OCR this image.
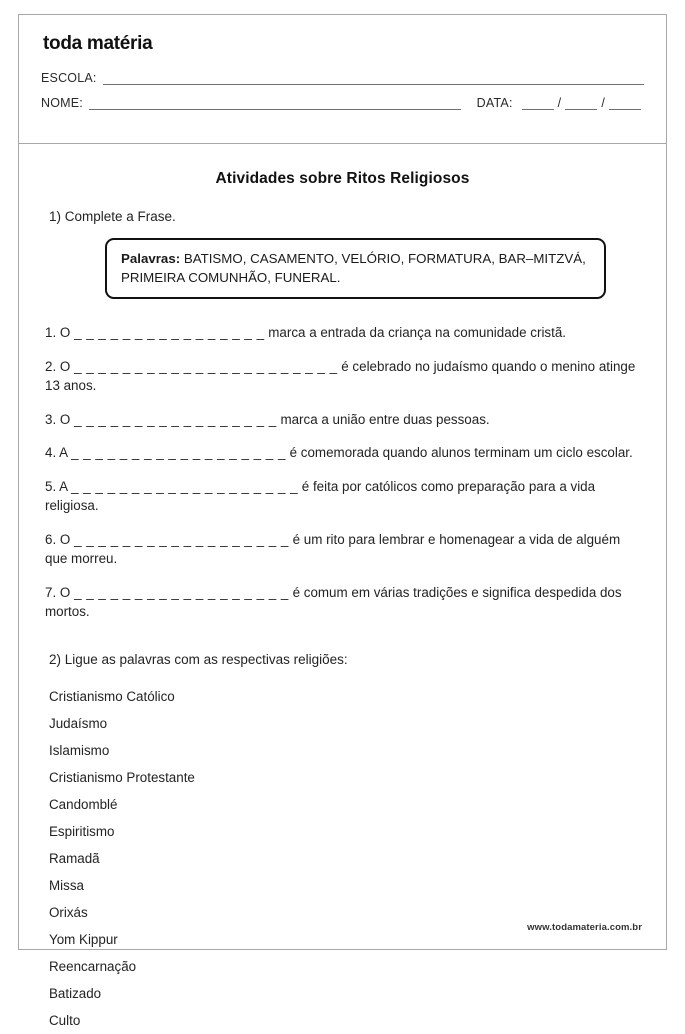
toda matéria
ESCOLA:
NOME:	DATA:	/	/
Atividades sobre Ritos Religiosos
1) Complete a Frase.
Palavras: BATISMO, CASAMENTO, VELÓRIO, FORMATURA, BAR–MITZVÁ, PRIMEIRA COMUNHÃO, FUNERAL.

1. O _ _ _ _ _ _ _ _ _ _ _ _ _ _ _ _ marca a entrada da criança na comunidade cristã.

2. O _ _ _ _ _ _ _ _ _ _ _ _ _ _ _ _ _ _ _ _ _ _ é celebrado no judaísmo quando o menino atinge 13 anos.

3. O _ _ _ _ _ _ _ _ _ _ _ _ _ _ _ _ _ marca a união entre duas pessoas.

4. A _ _ _ _ _ _ _ _ _ _ _ _ _ _ _ _ _ _ é comemorada quando alunos terminam um ciclo escolar.

5. A _ _ _ _ _ _ _ _ _ _ _ _ _ _ _ _ _ _ _ é feita por católicos como preparação para a vida religiosa.

6. O _ _ _ _ _ _ _ _ _ _ _ _ _ _ _ _ _ _ é um rito para lembrar e homenagear a vida de alguém que morreu.

7. O _ _ _ _ _ _ _ _ _ _ _ _ _ _ _ _ _ _ é comum em várias tradições e significa despedida dos mortos.

2) Ligue as palavras com as respectivas religiões:
Cristianismo Católico
Judaísmo
Islamismo
Cristianismo Protestante
Candomblé
Espiritismo
Ramadã
Missa
Orixás
Yom Kippur
Reencarnação
Batizado
Culto
www.todamateria.com.br
